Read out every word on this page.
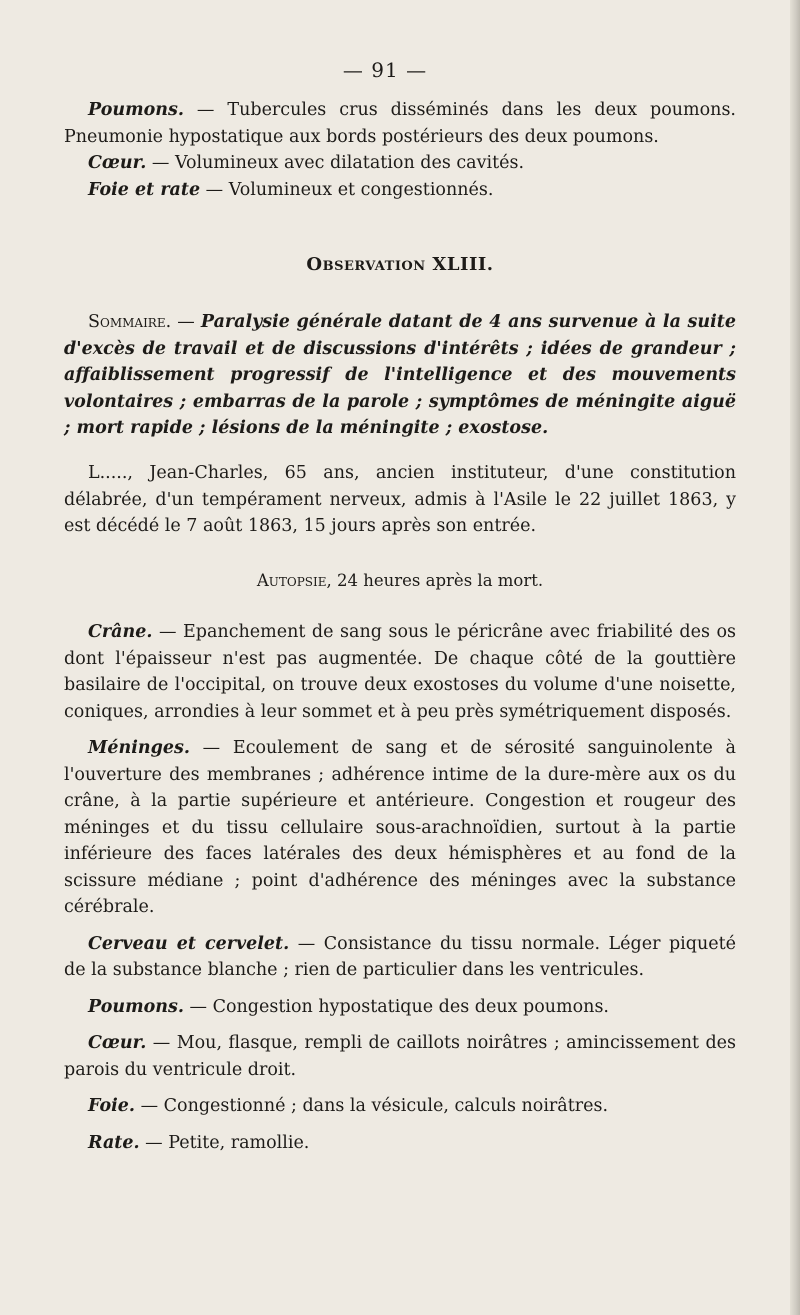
— 91 —

Poumons. — Tubercules crus disséminés dans les deux poumons. Pneumonie hypostatique aux bords postérieurs des deux poumons.

Cœur. — Volumineux avec dilatation des cavités.

Foie et rate — Volumineux et congestionnés.

Observation XLIII.

Sommaire. — Paralysie générale datant de 4 ans survenue à la suite d'excès de travail et de discussions d'intérêts ; idées de grandeur ; affaiblissement progressif de l'intelligence et des mouvements volontaires ; embarras de la parole ; symptômes de méningite aiguë ; mort rapide ; lésions de la méningite ; exostose.

L....., Jean-Charles, 65 ans, ancien instituteur, d'une constitution délabrée, d'un tempérament nerveux, admis à l'Asile le 22 juillet 1863, y est décédé le 7 août 1863, 15 jours après son entrée.

Autopsie, 24 heures après la mort.

Crâne. — Epanchement de sang sous le péricrâne avec friabilité des os dont l'épaisseur n'est pas augmentée. De chaque côté de la gouttière basilaire de l'occipital, on trouve deux exostoses du volume d'une noisette, coniques, arrondies à leur sommet et à peu près symétriquement disposés.

Méninges. — Ecoulement de sang et de sérosité sanguinolente à l'ouverture des membranes ; adhérence intime de la dure-mère aux os du crâne, à la partie supérieure et antérieure. Congestion et rougeur des méninges et du tissu cellulaire sous-arachnoïdien, surtout à la partie inférieure des faces latérales des deux hémisphères et au fond de la scissure médiane ; point d'adhérence des méninges avec la substance cérébrale.

Cerveau et cervelet. — Consistance du tissu normale. Léger piqueté de la substance blanche ; rien de particulier dans les ventricules.

Poumons. — Congestion hypostatique des deux poumons.

Cœur. — Mou, flasque, rempli de caillots noirâtres ; amincissement des parois du ventricule droit.

Foie. — Congestionné ; dans la vésicule, calculs noirâtres.

Rate. — Petite, ramollie.
